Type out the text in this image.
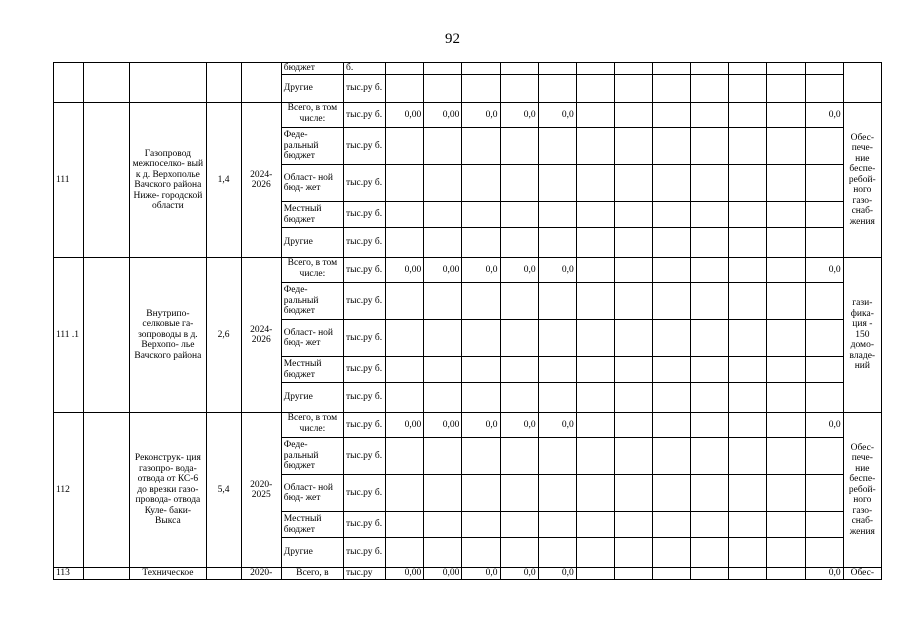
92
					бюджет	б.													
					Другие	тыс.ру б.													
111		Газопровод межпоселко- вый к д. Верхополье Вачского района Ниже- городской области	1,4	2024- 2026	Всего, в том числе:	тыс.ру б.	0,00	0,00	0,0	0,0	0,0							0,0	Обес- пече- ние беспе- ребой- ного газо- снаб- жения
					Феде- ральный бюджет	тыс.ру б.													
					Област- ной бюд- жет	тыс.ру б.													
					Местный бюджет	тыс.ру б.													
					Другие	тыс.ру б.													
111 .1		Внутрипо- селковые га- зопроводы в д. Верхопо- лье Вачского района	2,6	2024- 2026	Всего, в том числе:	тыс.ру б.	0,00	0,00	0,0	0,0	0,0							0,0	гази- фика- ция - 150 домо- владе- ний
					Феде- ральный бюджет	тыс.ру б.													
					Област- ной бюд- жет	тыс.ру б.													
					Местный бюджет	тыс.ру б.													
					Другие	тыс.ру б.													
112		Реконструк- ция газопро- вода-отвода от КС-6 до врезки газо- провода- отвода Куле- баки-Выкса	5,4	2020- 2025	Всего, в том числе:	тыс.ру б.	0,00	0,00	0,0	0,0	0,0							0,0	Обес- пече- ние беспе- ребой- ного газо- снаб- жения
					Феде- ральный бюджет	тыс.ру б.													
					Област- ной бюд- жет	тыс.ру б.													
					Местный бюджет	тыс.ру б.													
					Другие	тыс.ру б.													
113		Техническое		2020-	Всего, в	тыс.ру	0,00	0,00	0,0	0,0	0,0							0,0	Обес-
